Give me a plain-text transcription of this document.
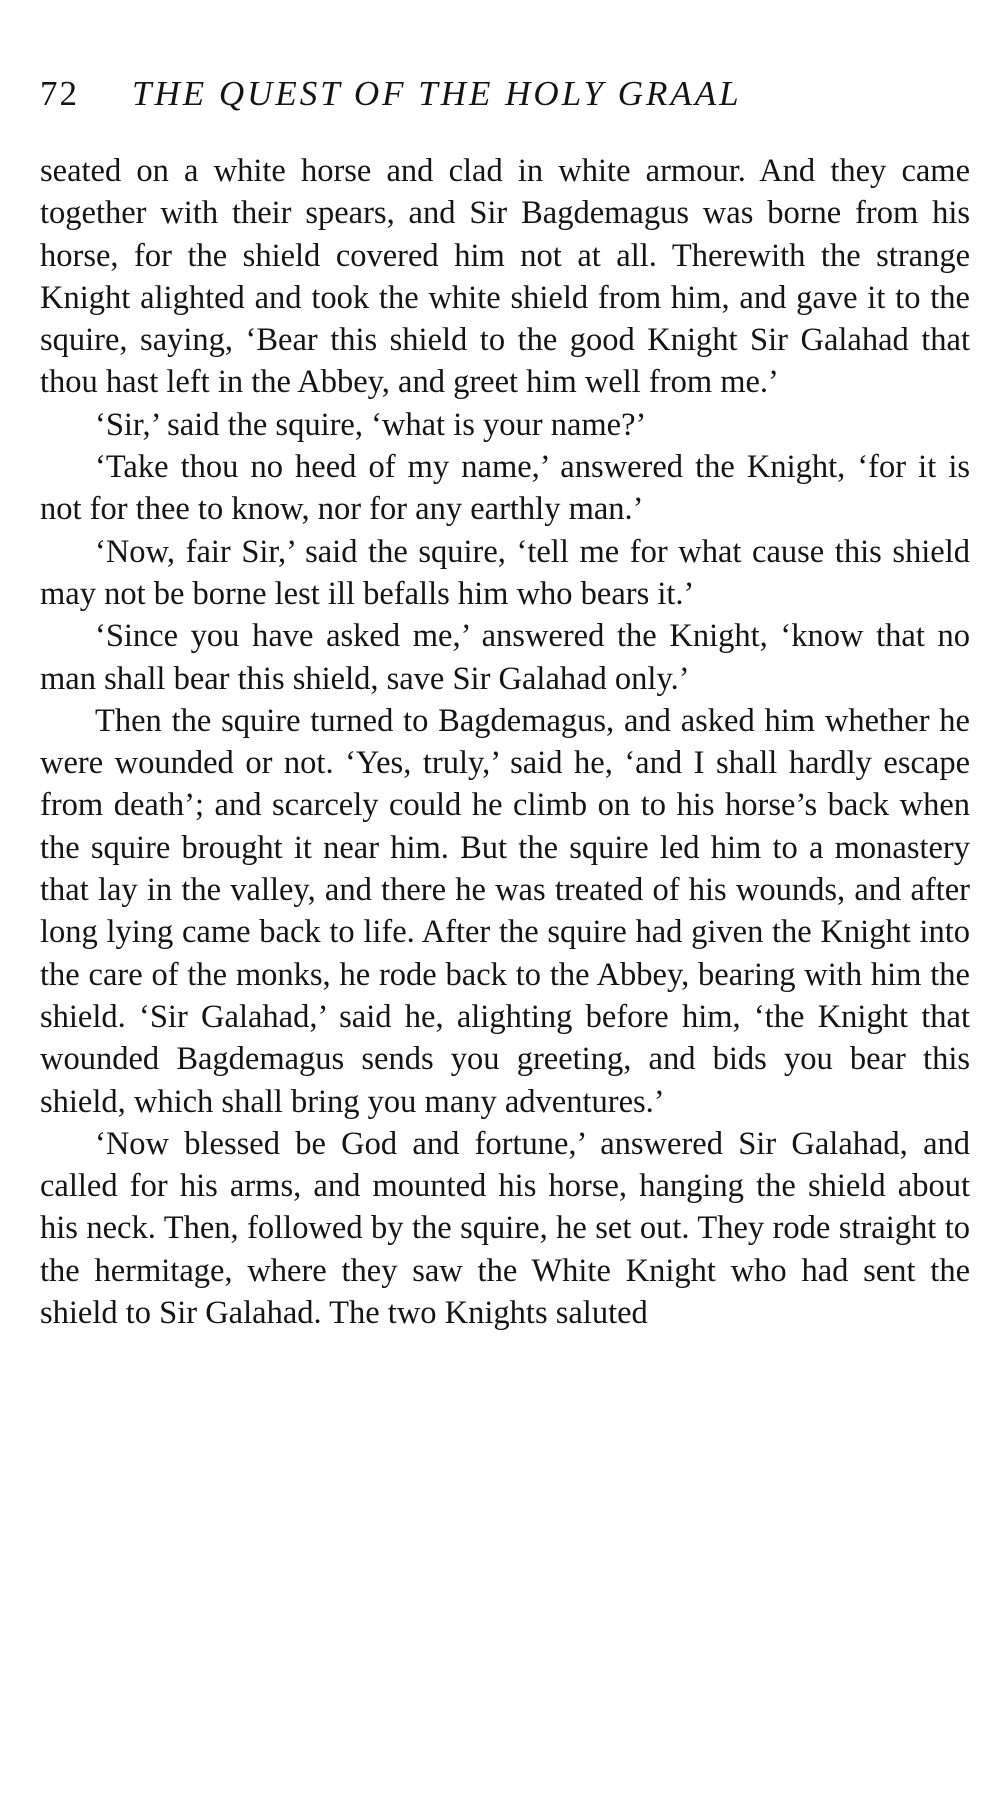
72 THE QUEST OF THE HOLY GRAAL

seated on a white horse and clad in white armour. And they came together with their spears, and Sir Bagdemagus was borne from his horse, for the shield covered him not at all. Therewith the strange Knight alighted and took the white shield from him, and gave it to the squire, saying, ‘Bear this shield to the good Knight Sir Galahad that thou hast left in the Abbey, and greet him well from me.’

‘Sir,’ said the squire, ‘what is your name?’

‘Take thou no heed of my name,’ answered the Knight, ‘for it is not for thee to know, nor for any earthly man.’

‘Now, fair Sir,’ said the squire, ‘tell me for what cause this shield may not be borne lest ill befalls him who bears it.’

‘Since you have asked me,’ answered the Knight, ‘know that no man shall bear this shield, save Sir Galahad only.’

Then the squire turned to Bagdemagus, and asked him whether he were wounded or not. ‘Yes, truly,’ said he, ‘and I shall hardly escape from death’; and scarcely could he climb on to his horse’s back when the squire brought it near him. But the squire led him to a monastery that lay in the valley, and there he was treated of his wounds, and after long lying came back to life. After the squire had given the Knight into the care of the monks, he rode back to the Abbey, bearing with him the shield. ‘Sir Galahad,’ said he, alighting before him, ‘the Knight that wounded Bagdemagus sends you greeting, and bids you bear this shield, which shall bring you many adventures.’

‘Now blessed be God and fortune,’ answered Sir Galahad, and called for his arms, and mounted his horse, hanging the shield about his neck. Then, followed by the squire, he set out. They rode straight to the hermitage, where they saw the White Knight who had sent the shield to Sir Galahad. The two Knights saluted
